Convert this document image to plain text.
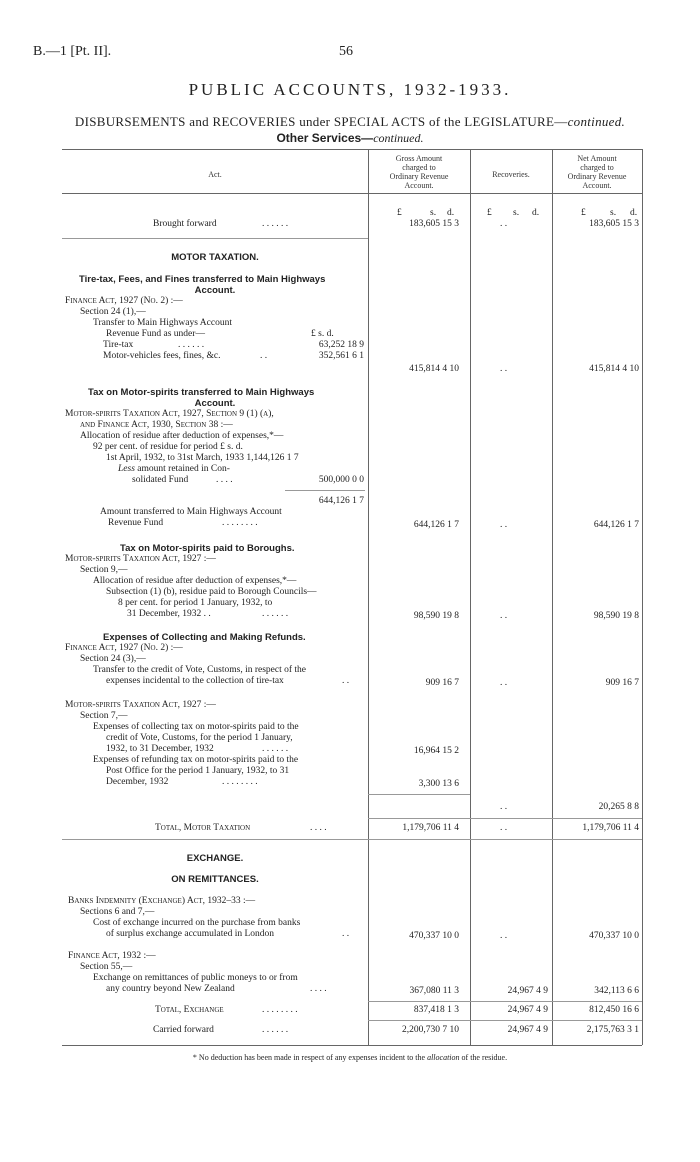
B.—1 [Pt. II].	56
PUBLIC ACCOUNTS, 1932-1933.
DISBURSEMENTS and RECOVERIES under SPECIAL ACTS of the LEGISLATURE—continued.
Other Services—continued.
Act.
Gross Amount
charged to
Ordinary Revenue
Account.
Recoveries.
Net Amount
charged to
Ordinary Revenue
Account.
£	s. d.	£ s. d.	£	s. d.
Brought forward	. . . . . .	183,605 15 3	. .	183,605 15 3
MOTOR TAXATION.
Tire-tax, Fees, and Fines transferred to Main Highways
Account.
Finance Act, 1927 (No. 2) :—
Section 24 (1),—
Transfer to Main Highways Account
Revenue Fund as under—	£ s. d.
Tire-tax	. . . . . .	63,252 18 9
Motor-vehicles fees, fines, &c.	. .	352,561 6 1
415,814 4 10	. .	415,814 4 10
Tax on Motor-spirits transferred to Main Highways
Account.
Motor-spirits Taxation Act, 1927, Section 9 (1) (a),
and Finance Act, 1930, Section 38 :—
Allocation of residue after deduction of expenses,*—
92 per cent. of residue for period £ s. d.
1st April, 1932, to 31st March, 1933 1,144,126 1 7
Less amount retained in Con-
solidated Fund	. . . .	500,000 0 0
644,126 1 7
Amount transferred to Main Highways Account
Revenue Fund	. . . . . . . .	644,126 1 7	. .	644,126 1 7
Tax on Motor-spirits paid to Boroughs.
Motor-spirits Taxation Act, 1927 :—
Section 9,—
Allocation of residue after deduction of expenses,*—
Subsection (1) (b), residue paid to Borough Councils—
8 per cent. for period 1 January, 1932, to
31 December, 1932 . .	. . . . . .	98,590 19 8	. .	98,590 19 8
Expenses of Collecting and Making Refunds.
Finance Act, 1927 (No. 2) :—
Section 24 (3),—
Transfer to the credit of Vote, Customs, in respect of the
expenses incidental to the collection of tire-tax	. .	909 16 7	. .	909 16 7
Motor-spirits Taxation Act, 1927 :—
Section 7,—
Expenses of collecting tax on motor-spirits paid to the
credit of Vote, Customs, for the period 1 January,
1932, to 31 December, 1932	. . . . . .	16,964 15 2
Expenses of refunding tax on motor-spirits paid to the
Post Office for the period 1 January, 1932, to 31
December, 1932	. . . . . . . .	3,300 13 6
. .	20,265 8 8
Total, Motor Taxation	. . . .	1,179,706 11 4	. .	1,179,706 11 4
EXCHANGE.
ON REMITTANCES.
Banks Indemnity (Exchange) Act, 1932–33 :—
Sections 6 and 7,—
Cost of exchange incurred on the purchase from banks
of surplus exchange accumulated in London	. .	470,337 10 0	. .	470,337 10 0
Finance Act, 1932 :—
Section 55,—
Exchange on remittances of public moneys to or from
any country beyond New Zealand	. . . .	367,080 11 3	24,967 4 9	342,113 6 6
Total, Exchange	. . . . . . . .	837,418 1 3	24,967 4 9	812,450 16 6
Carried forward	. . . . . .	2,200,730 7 10	24,967 4 9	2,175,763 3 1
* No deduction has been made in respect of any expenses incident to the allocation of the residue.
